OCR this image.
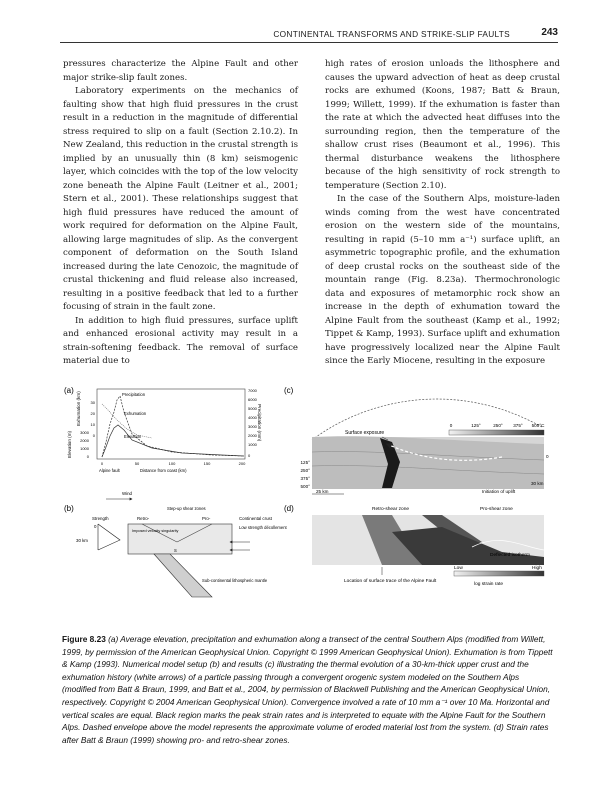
CONTINENTAL TRANSFORMS AND STRIKE-SLIP FAULTS	243

pressures characterize the Alpine Fault and other major strike-slip fault zones.

Laboratory experiments on the mechanics of faulting show that high fluid pressures in the crust result in a reduction in the magnitude of differential stress required to slip on a fault (Section 2.10.2). In New Zealand, this reduction in the crustal strength is implied by an unusually thin (8 km) seismogenic layer, which coincides with the top of the low velocity zone beneath the Alpine Fault (Leitner et al., 2001; Stern et al., 2001). These relationships suggest that high fluid pressures have reduced the amount of work required for deformation on the Alpine Fault, allowing large magnitudes of slip. As the convergent component of deformation on the South Island increased during the late Cenozoic, the magnitude of crustal thickening and fluid release also increased, resulting in a positive feedback that led to a further focusing of strain in the fault zone.

In addition to high fluid pressures, surface uplift and enhanced erosional activity may result in a strain-softening feedback. The removal of surface material due to

high rates of erosion unloads the lithosphere and causes the upward advection of heat as deep crustal rocks are exhumed (Koons, 1987; Batt & Braun, 1999; Willett, 1999). If the exhumation is faster than the rate at which the advected heat diffuses into the surrounding region, then the temperature of the shallow crust rises (Beaumont et al., 1996). This thermal disturbance weakens the lithosphere because of the high sensitivity of rock strength to temperature (Section 2.10).

In the case of the Southern Alps, moisture-laden winds coming from the west have concentrated erosion on the western side of the mountains, resulting in rapid (5–10 mm a⁻¹) surface uplift, an asymmetric topographic profile, and the exhumation of deep crustal rocks on the southeast side of the mountain range (Fig. 8.23a). Thermochronologic data and exposures of metamorphic rock show an increase in the depth of exhumation toward the Alpine Fault from the southeast (Kamp et al., 1992; Tippet & Kamp, 1993). Surface uplift and exhumation have progressively localized near the Alpine Fault since the Early Miocene, resulting in the exposure

(a)
Elevation (m)
Exhumation (km)	Precipitation (mm)
30
20
10
0
3000
2000
1000
0
7000
6000
5000
4000
3000
2000
1000
0
0	50	100	150	200
Alpine fault	Distance from coast (km)
Precipitation
Exhumation
Elevation
(b)
Wind
Step-up shear zones
Strength	Retro-	Pro-	Continental crust
0
30 km
Imposed velocity singularity
Low strength décollement
S
Sub-continental lithospheric mantle
(c)
Surface exposure
0	125°	250° 375° 500°C
0
125°
250°
375°
500°
30 km
25 km	Initiation of uplift
(d)	Retro-shear zone	Pro-shear zone
Deflected isotherm
Low	High
log strain rate
Location of surface trace of the Alpine Fault
Figure 8.23 (a) Average elevation, precipitation and exhumation along a transect of the central Southern Alps (modified from Willett, 1999, by permission of the American Geophysical Union. Copyright © 1999 American Geophysical Union). Exhumation is from Tippett & Kamp (1993). Numerical model setup (b) and results (c) illustrating the thermal evolution of a 30-km-thick upper crust and the exhumation history (white arrows) of a particle passing through a convergent orogenic system modeled on the Southern Alps (modified from Batt & Braun, 1999, and Batt et al., 2004, by permission of Blackwell Publishing and the American Geophysical Union, respectively. Copyright © 2004 American Geophysical Union). Convergence involved a rate of 10 mm a⁻¹ over 10 Ma. Horizontal and vertical scales are equal. Black region marks the peak strain rates and is interpreted to equate with the Alpine Fault for the Southern Alps. Dashed envelope above the model represents the approximate volume of eroded material lost from the system. (d) Strain rates after Batt & Braun (1999) showing pro- and retro-shear zones.
